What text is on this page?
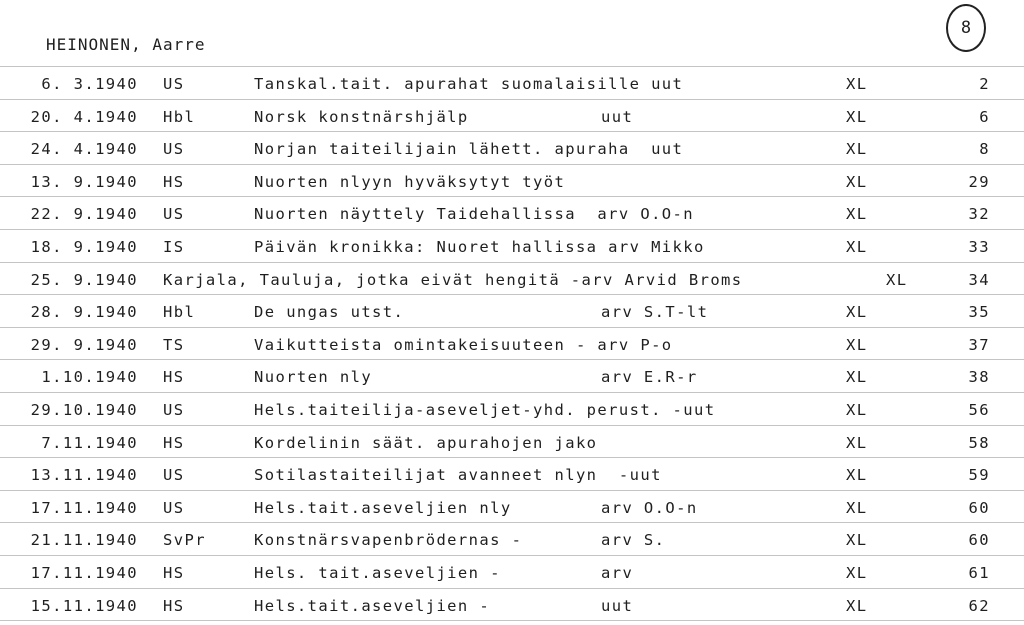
HEINONEN, Aarre
8
6. 3.1940 US	Tanskal.tait. apurahat suomalaisille uut	XL	2
20. 4.1940 Hbl	Norsk konstnärshjälp	uut	XL	6
24. 4.1940 US	Norjan taiteilijain lähett. apuraha  uut	XL	8
13. 9.1940 HS	Nuorten nlyyn hyväksytyt työt	XL	29
22. 9.1940 US	Nuorten näyttely Taidehallissa  arv O.O-n	XL	32
18. 9.1940 IS	Päivän kronikka: Nuoret hallissa arv Mikko	XL	33
25. 9.1940 Karjala, Tauluja, jotka eivät hengitä -arv Arvid Broms	XL	34
28. 9.1940 Hbl	De ungas utst.	arv S.T-lt	XL	35
29. 9.1940 TS	Vaikutteista omintakeisuuteen - arv P-o	XL	37
1.10.1940 HS	Nuorten nly	arv E.R-r	XL	38
29.10.1940 US	Hels.taiteilija-aseveljet-yhd. perust. -uut	XL	56
7.11.1940 HS	Kordelinin säät. apurahojen jako	XL	58
13.11.1940 US	Sotilastaiteilijat avanneet nlyn  -uut	XL	59
17.11.1940 US	Hels.tait.aseveljien nly	arv O.O-n	XL	60
21.11.1940 SvPr	Konstnärsvapenbrödernas -	arv S.	XL	60
17.11.1940 HS	Hels. tait.aseveljien -	arv	XL	61
15.11.1940 HS	Hels.tait.aseveljien -	uut	XL	62
